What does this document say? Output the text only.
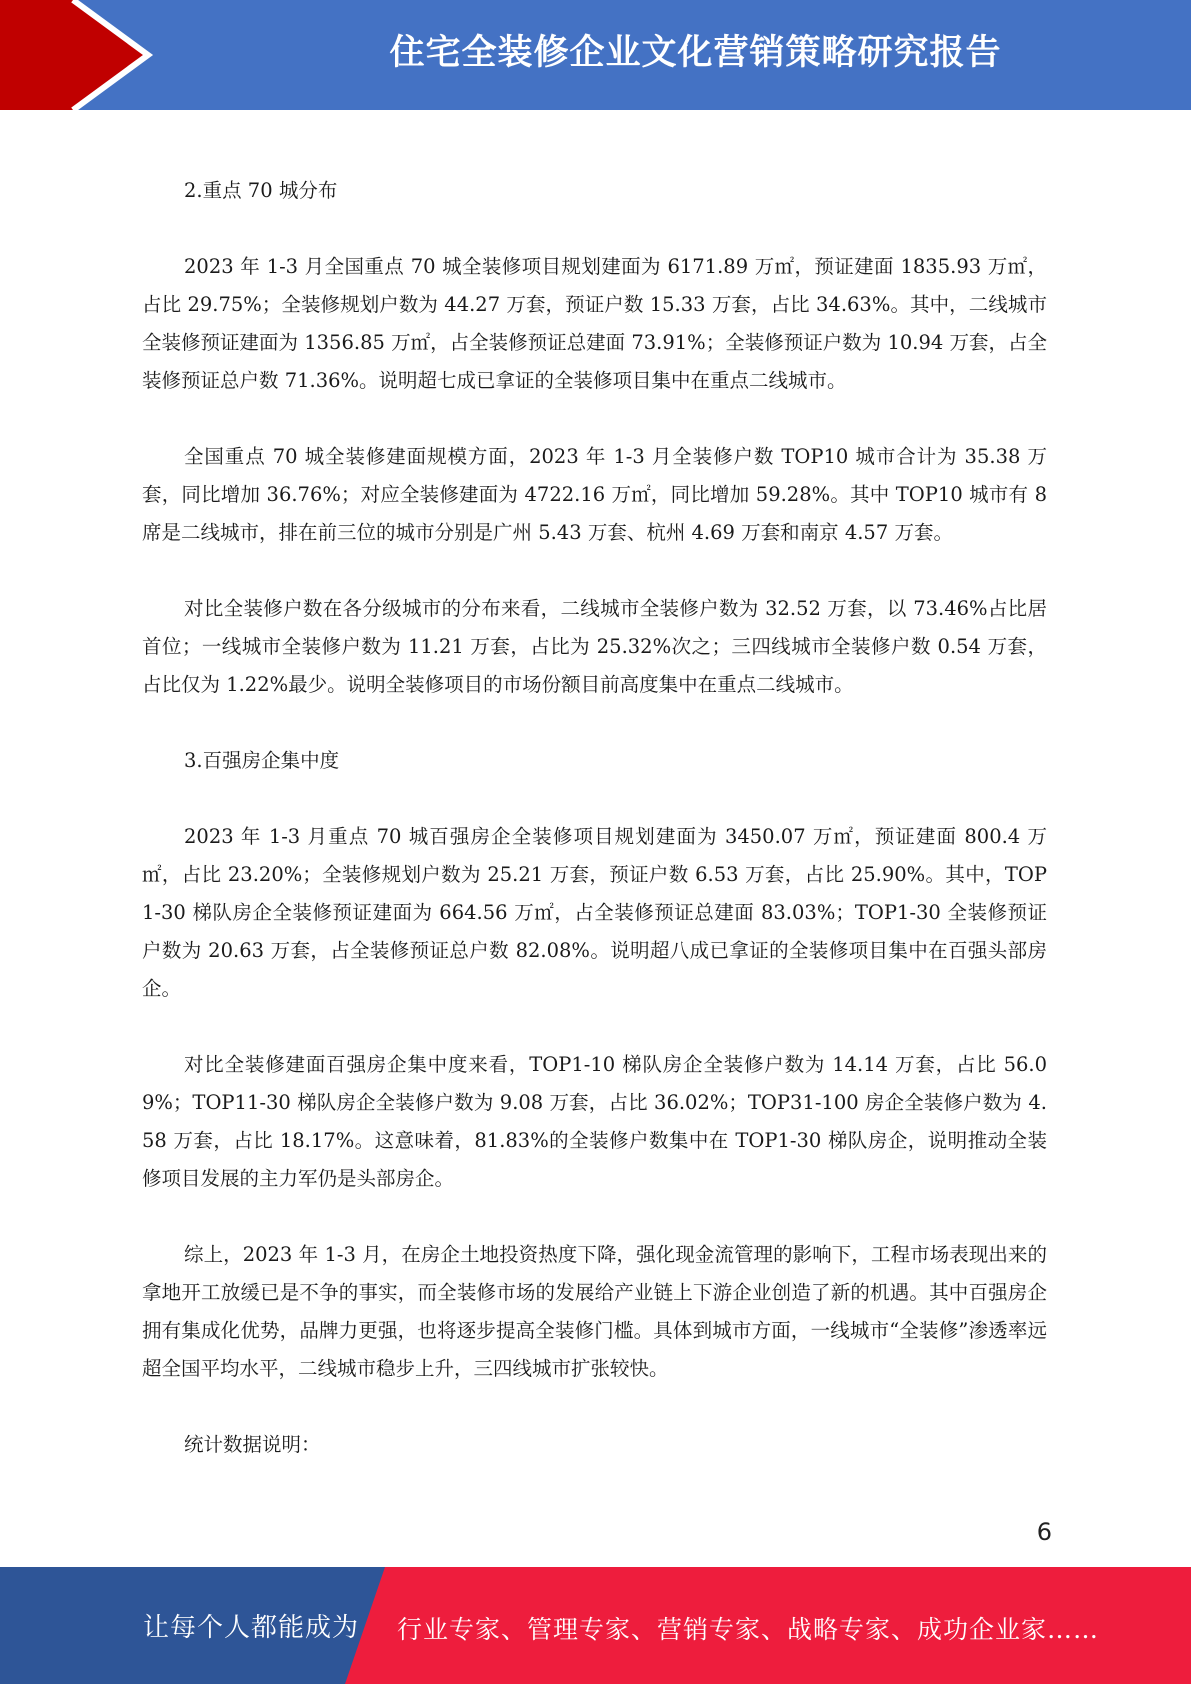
住宅全装修企业文化营销策略研究报告

2.重点 70 城分布

2023 年 1-3 月全国重点 70 城全装修项目规划建面为 6171.89 万㎡，预证建面 1835.93 万㎡，占比 29.75%；全装修规划户数为 44.27 万套，预证户数 15.33 万套，占比 34.63%。其中，二线城市全装修预证建面为 1356.85 万㎡，占全装修预证总建面 73.91%；全装修预证户数为 10.94 万套，占全装修预证总户数 71.36%。说明超七成已拿证的全装修项目集中在重点二线城市。

全国重点 70 城全装修建面规模方面，2023 年 1-3 月全装修户数 TOP10 城市合计为 35.38 万套，同比增加 36.76%；对应全装修建面为 4722.16 万㎡，同比增加 59.28%。其中 TOP10 城市有 8 席是二线城市，排在前三位的城市分别是广州 5.43 万套、杭州 4.69 万套和南京 4.57 万套。

对比全装修户数在各分级城市的分布来看，二线城市全装修户数为 32.52 万套，以 73.46%占比居首位；一线城市全装修户数为 11.21 万套，占比为 25.32%次之；三四线城市全装修户数 0.54 万套，占比仅为 1.22%最少。说明全装修项目的市场份额目前高度集中在重点二线城市。

3.百强房企集中度

2023 年 1-3 月重点 70 城百强房企全装修项目规划建面为 3450.07 万㎡，预证建面 800.4 万㎡，占比 23.20%；全装修规划户数为 25.21 万套，预证户数 6.53 万套，占比 25.90%。其中，TOP1-30 梯队房企全装修预证建面为 664.56 万㎡，占全装修预证总建面 83.03%；TOP1-30 全装修预证户数为 20.63 万套，占全装修预证总户数 82.08%。说明超八成已拿证的全装修项目集中在百强头部房企。

对比全装修建面百强房企集中度来看，TOP1-10 梯队房企全装修户数为 14.14 万套，占比 56.09%；TOP11-30 梯队房企全装修户数为 9.08 万套，占比 36.02%；TOP31-100 房企全装修户数为 4.58 万套，占比 18.17%。这意味着，81.83%的全装修户数集中在 TOP1-30 梯队房企，说明推动全装修项目发展的主力军仍是头部房企。

综上，2023 年 1-3 月，在房企土地投资热度下降，强化现金流管理的影响下，工程市场表现出来的拿地开工放缓已是不争的事实，而全装修市场的发展给产业链上下游企业创造了新的机遇。其中百强房企拥有集成化优势，品牌力更强，也将逐步提高全装修门槛。具体到城市方面，一线城市“全装修”渗透率远超全国平均水平，二线城市稳步上升，三四线城市扩张较快。

统计数据说明：

6
让每个人都能成为 行业专家、管理专家、营销专家、战略专家、成功企业家……
